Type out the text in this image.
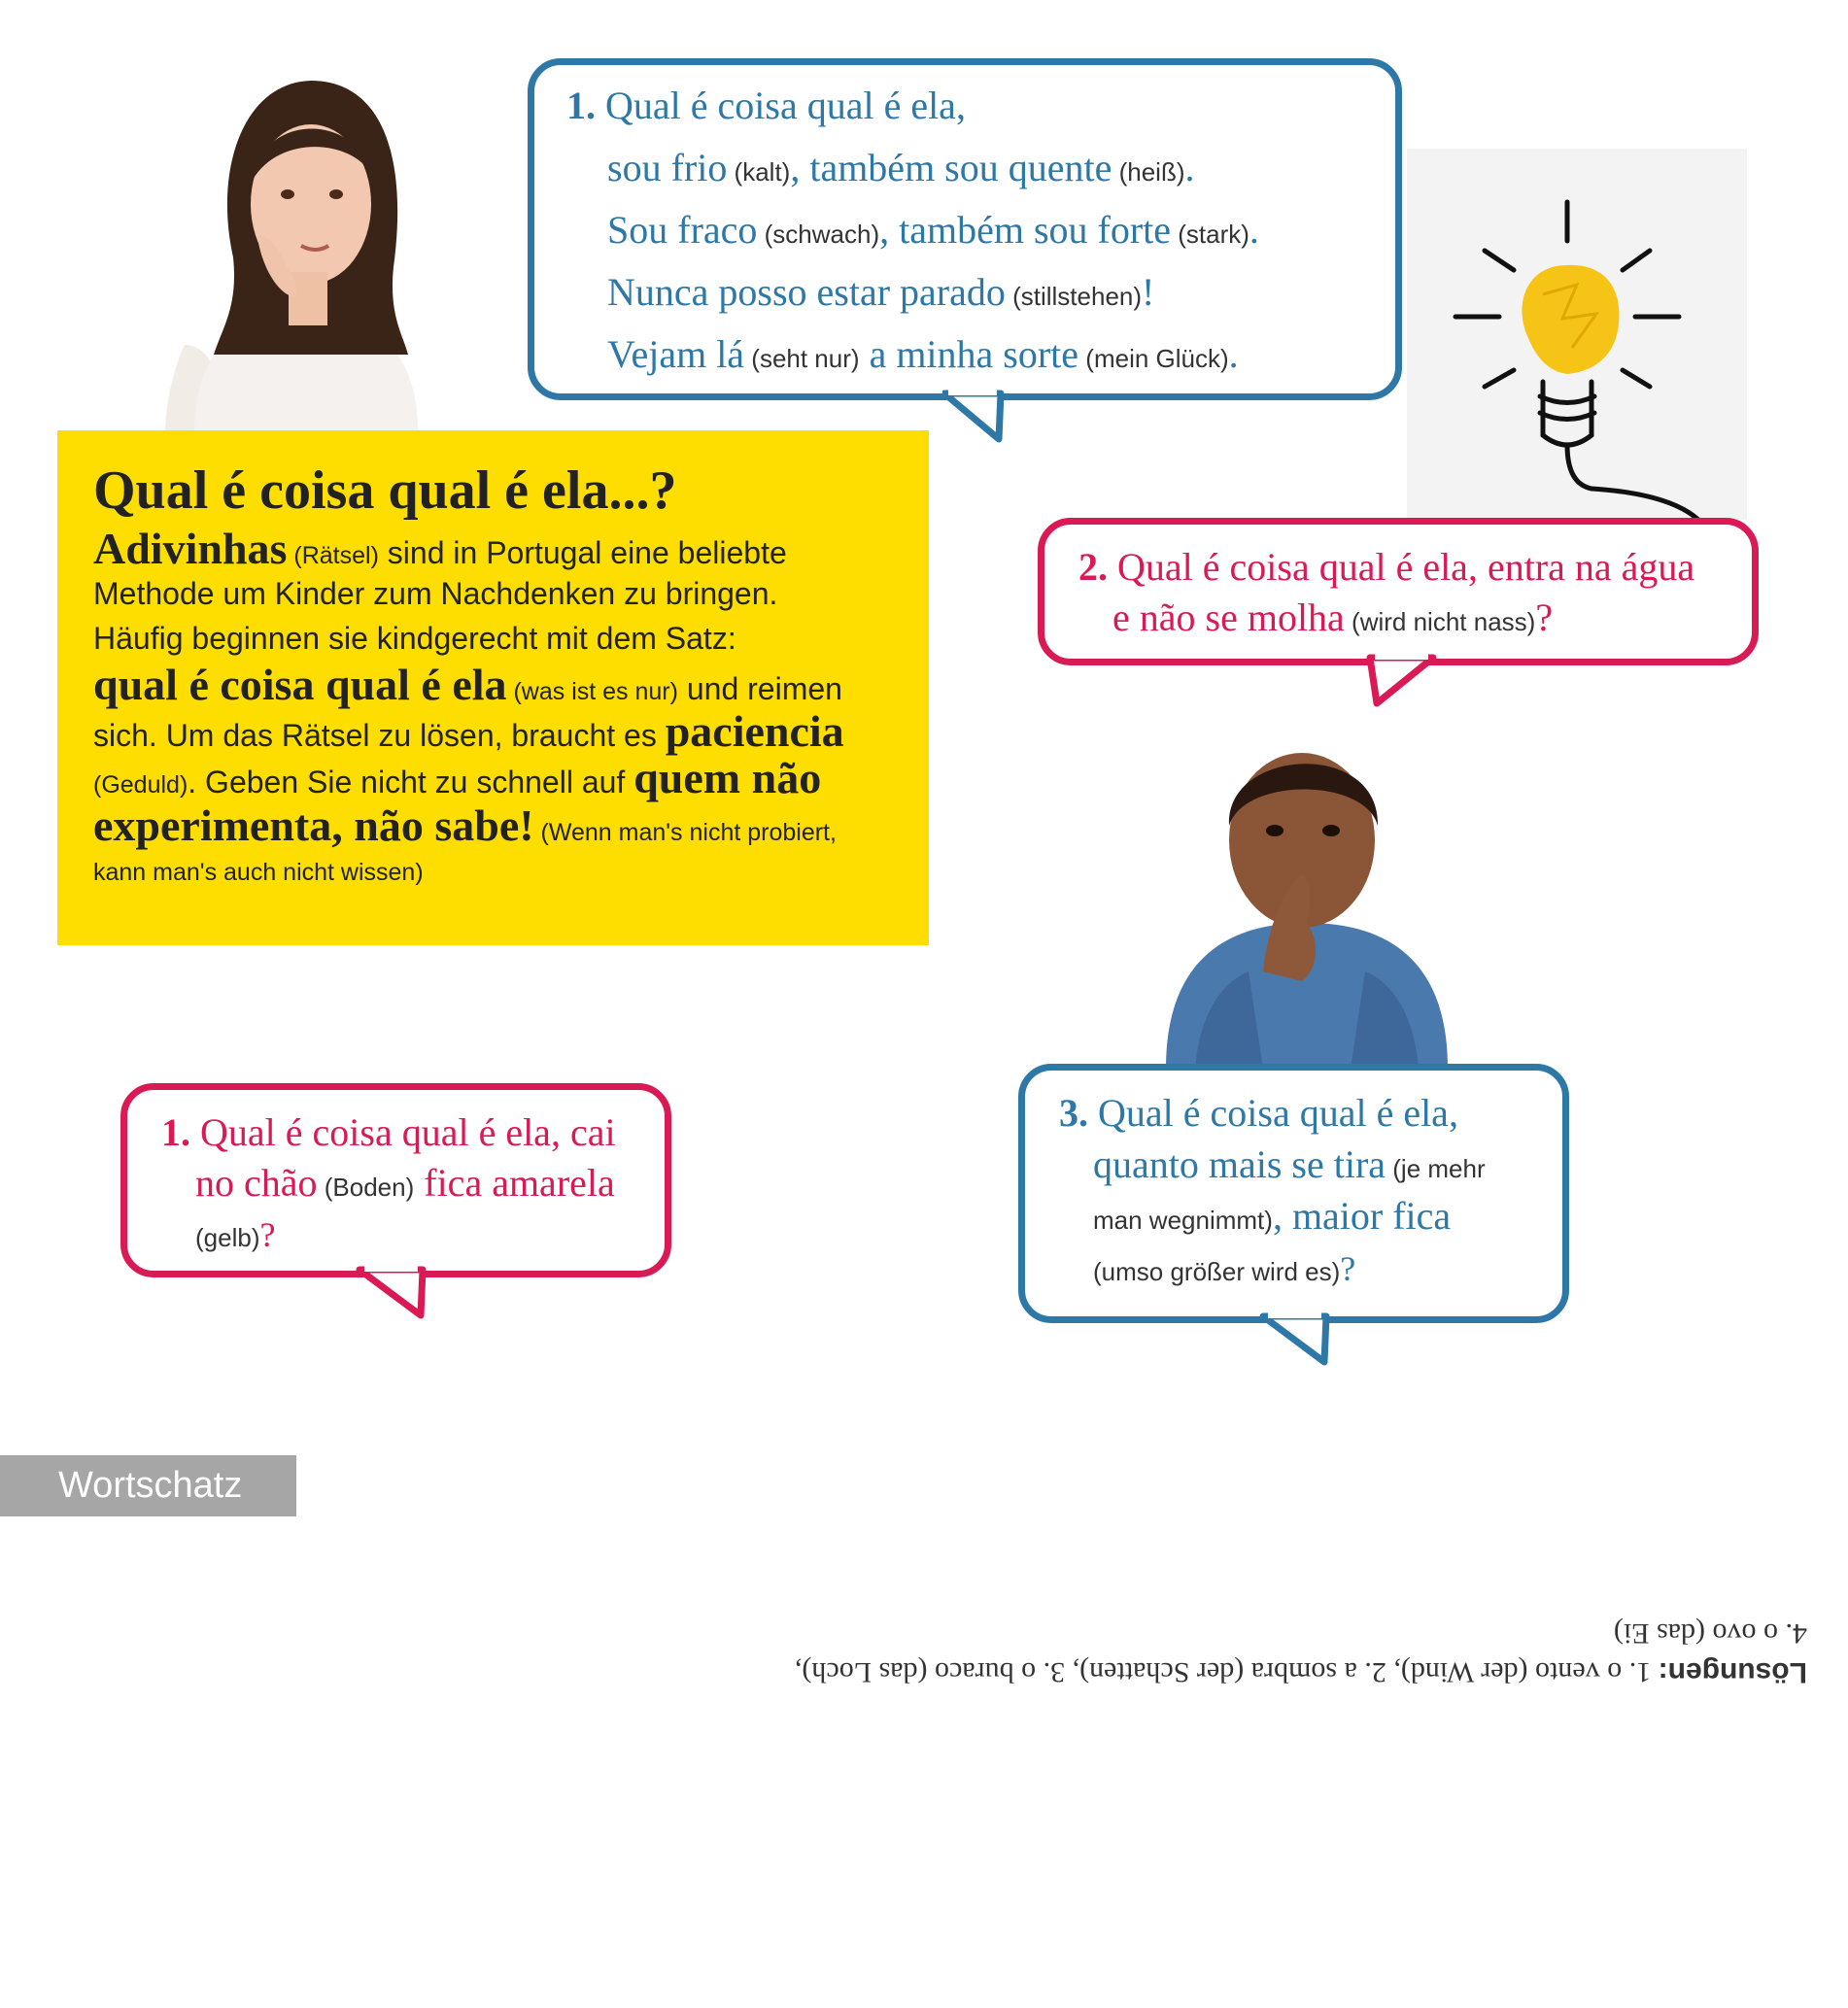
1. Qual é coisa qual é ela,
sou frio (kalt), também sou quente (heiß).
Sou fraco (schwach), também sou forte (stark).
Nunca posso estar parado (stillstehen)!
Vejam lá (seht nur) a minha sorte (mein Glück).
Qual é coisa qual é ela...?
Adivinhas (Rätsel) sind in Portugal eine beliebte
Methode um Kinder zum Nachdenken zu bringen.
Häufig beginnen sie kindgerecht mit dem Satz:
qual é coisa qual é ela (was ist es nur) und reimen
sich. Um das Rätsel zu lösen, braucht es paciencia
(Geduld). Geben Sie nicht zu schnell auf quem não
experimenta, não sabe! (Wenn man's nicht probiert,
kann man's auch nicht wissen)
2. Qual é coisa qual é ela, entra na água
e não se molha (wird nicht nass)?
1. Qual é coisa qual é ela, cai
no chão (Boden) fica amarela
(gelb)?
3. Qual é coisa qual é ela,
quanto mais se tira (je mehr
man wegnimmt), maior fica
(umso größer wird es)?
Wortschatz
Lösungen: 1. o vento (der Wind), 2. a sombra (der Schatten), 3. o buraco (das Loch),
4. o ovo (das Ei)
